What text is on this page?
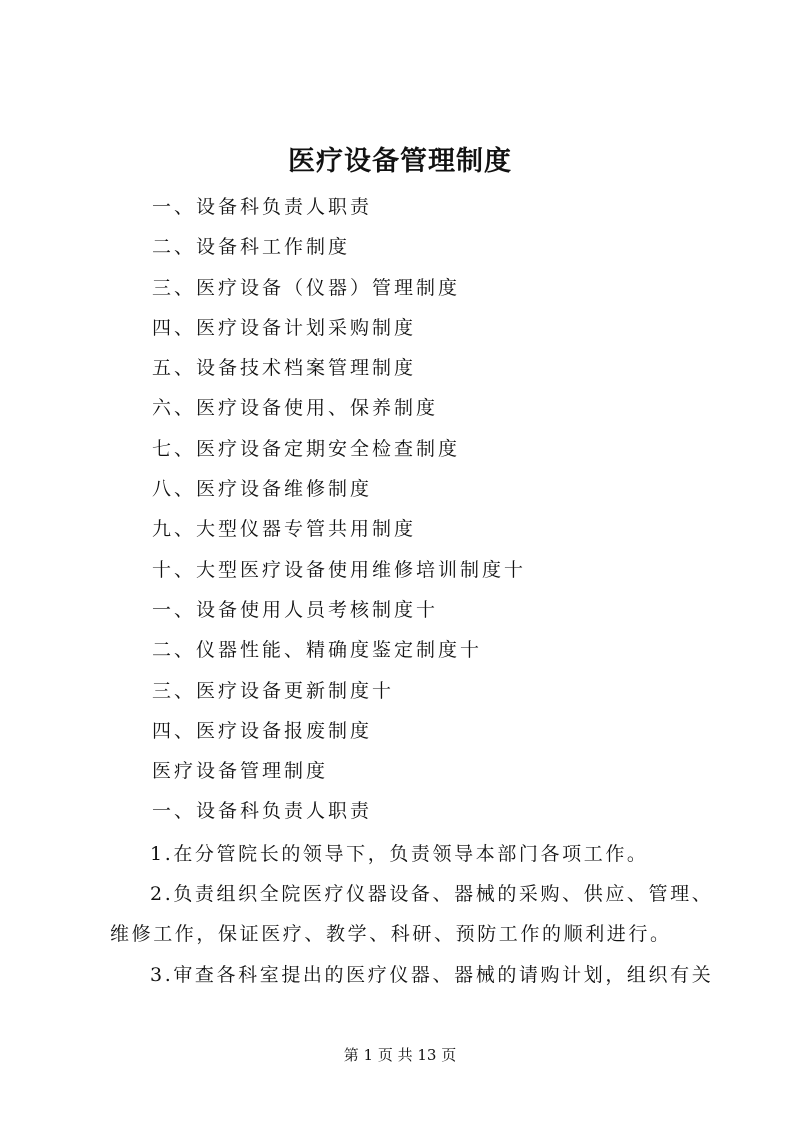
医疗设备管理制度
一、设备科负责人职责
二、设备科工作制度
三、医疗设备（仪器）管理制度
四、医疗设备计划采购制度
五、设备技术档案管理制度
六、医疗设备使用、保养制度
七、医疗设备定期安全检查制度
八、医疗设备维修制度
九、大型仪器专管共用制度
十、大型医疗设备使用维修培训制度十
一、设备使用人员考核制度十
二、仪器性能、精确度鉴定制度十
三、医疗设备更新制度十
四、医疗设备报废制度
医疗设备管理制度
一、设备科负责人职责

1.在分管院长的领导下，负责领导本部门各项工作。

2.负责组织全院医疗仪器设备、器械的采购、供应、管理、维修工作，保证医疗、教学、科研、预防工作的顺利进行。

3.审查各科室提出的医疗仪器、器械的请购计划，组织有关

第 1 页 共 13 页
